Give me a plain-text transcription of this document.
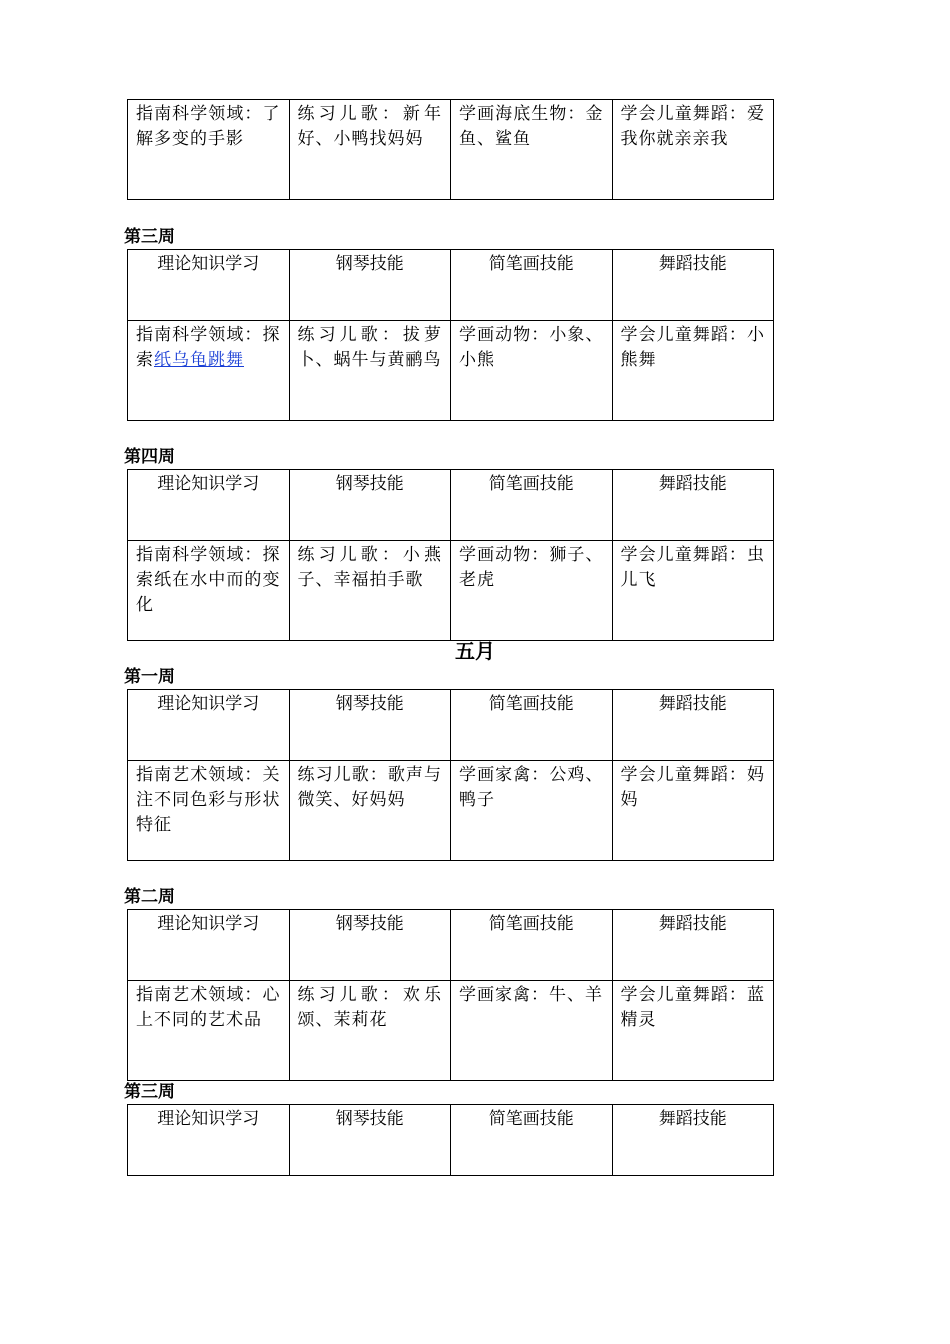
指南科学领域：了解多变的手影	练习儿歌：新年好、小鸭找妈妈	学画海底生物：金鱼、鲨鱼	学会儿童舞蹈：爱我你就亲亲我

第三周

理论知识学习	钢琴技能	简笔画技能	舞蹈技能
指南科学领域：探索纸乌龟跳舞	练习儿歌：拔萝卜、蜗牛与黄鹂鸟	学画动物：小象、小熊	学会儿童舞蹈：小熊舞

第四周

理论知识学习	钢琴技能	简笔画技能	舞蹈技能
指南科学领域：探索纸在水中而的变化	练习儿歌：小燕子、幸福拍手歌	学画动物：狮子、老虎	学会儿童舞蹈：虫儿飞

五月

第一周

理论知识学习	钢琴技能	简笔画技能	舞蹈技能
指南艺术领域：关注不同色彩与形状特征	练习儿歌：歌声与微笑、好妈妈	学画家禽：公鸡、鸭子	学会儿童舞蹈：妈妈

第二周

理论知识学习	钢琴技能	简笔画技能	舞蹈技能
指南艺术领域：心上不同的艺术品	练习儿歌：欢乐颂、茉莉花	学画家禽：牛、羊	学会儿童舞蹈：蓝精灵

第三周

理论知识学习	钢琴技能	简笔画技能	舞蹈技能
